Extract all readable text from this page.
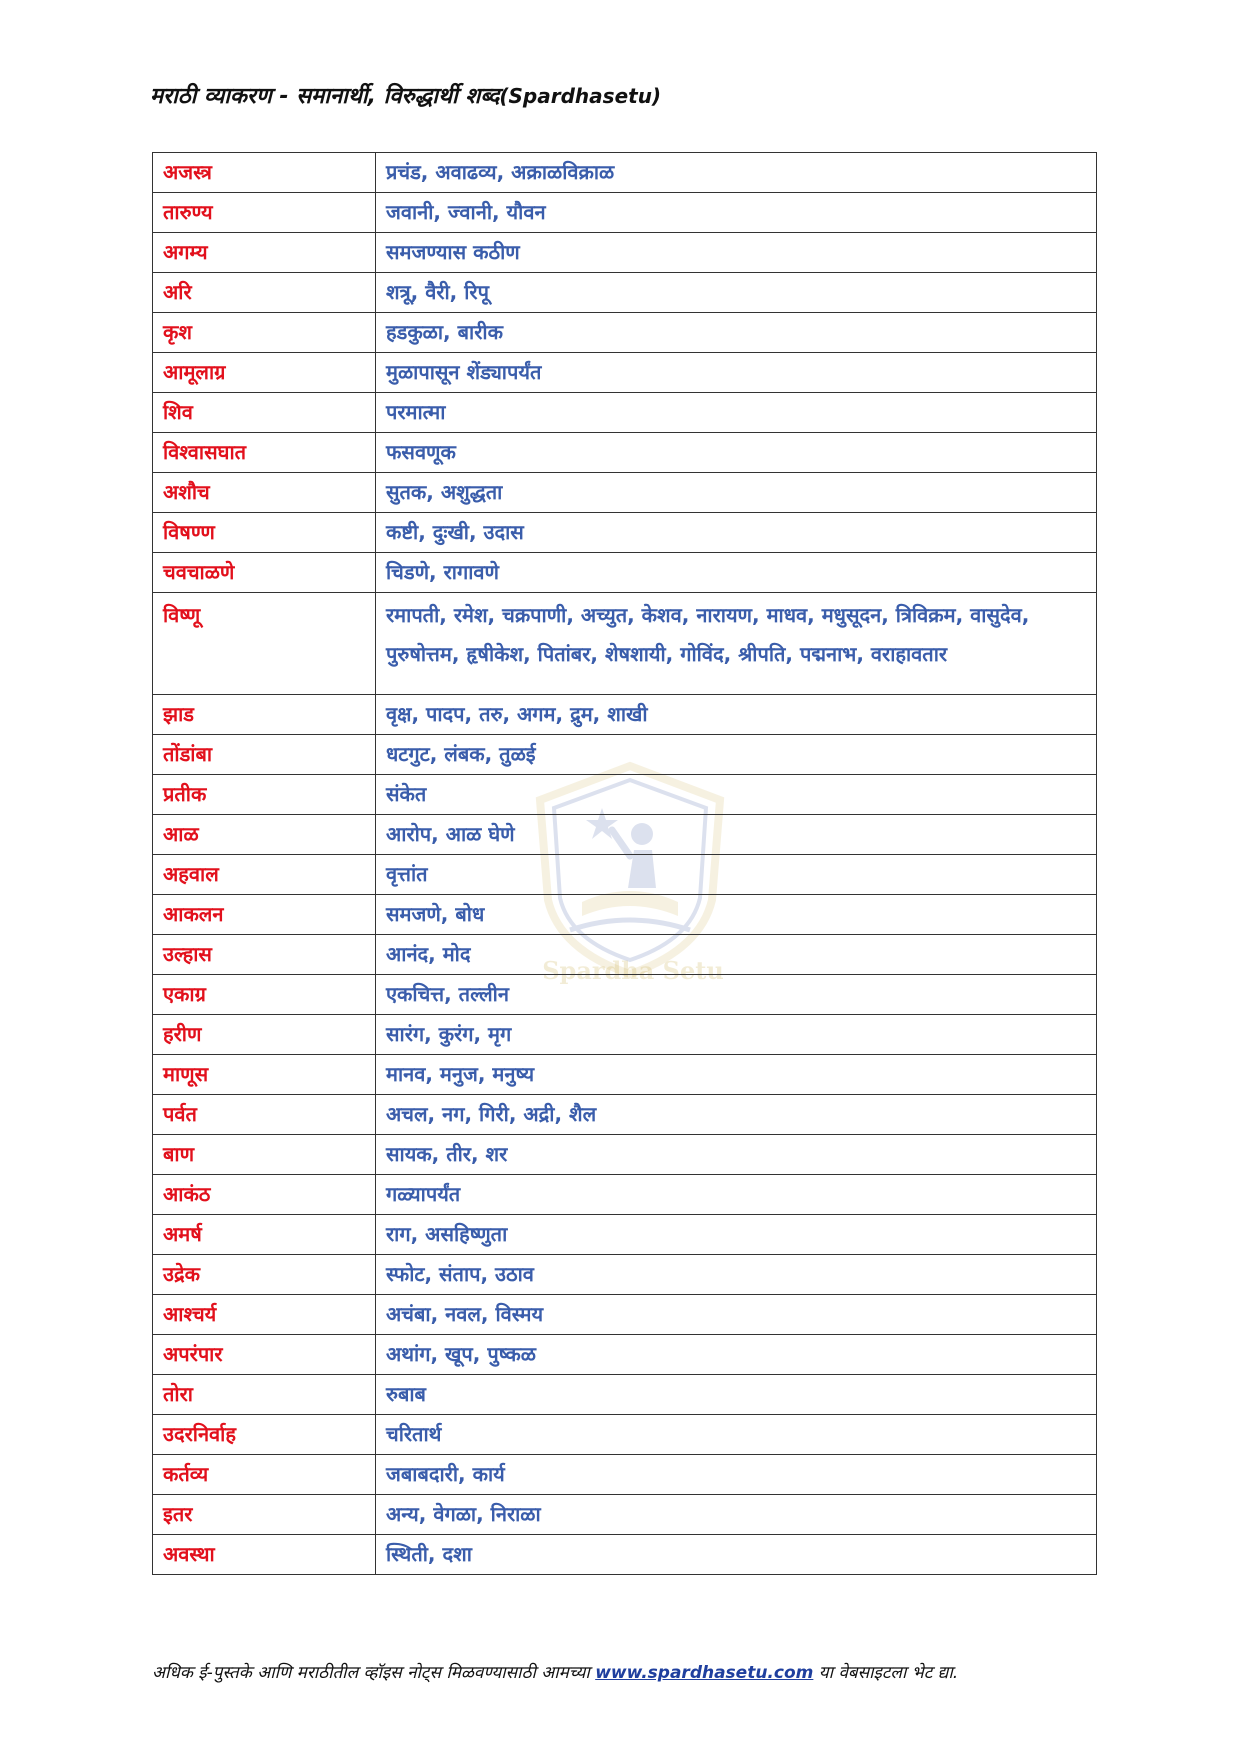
मराठी व्याकरण - समानार्थी, विरुद्धार्थी शब्द(Spardhasetu)
Spardha Setu
अजस्त्र	प्रचंड, अवाढव्य, अक्राळविक्राळ
तारुण्य	जवानी, ज्वानी, यौवन
अगम्य	समजण्यास कठीण
अरि	शत्रू, वैरी, रिपू
कृश	हडकुळा, बारीक
आमूलाग्र	मुळापासून शेंड्यापर्यंत
शिव	परमात्मा
विश्वासघात	फसवणूक
अशौच	सुतक, अशुद्धता
विषण्ण	कष्टी, दुःखी, उदास
चवचाळणे	चिडणे, रागावणे
विष्णू	रमापती, रमेश, चक्रपाणी, अच्युत, केशव, नारायण, माधव, मधुसूदन, त्रिविक्रम, वासुदेव, पुरुषोत्तम, हृषीकेश, पितांबर, शेषशायी, गोविंद, श्रीपति, पद्मनाभ, वराहावतार
झाड	वृक्ष, पादप, तरु, अगम, द्रुम, शाखी
तोंडांबा	धटगुट, लंबक, तुळई
प्रतीक	संकेत
आळ	आरोप, आळ घेणे
अहवाल	वृत्तांत
आकलन	समजणे, बोध
उल्हास	आनंद, मोद
एकाग्र	एकचित्त, तल्लीन
हरीण	सारंग, कुरंग, मृग
माणूस	मानव, मनुज, मनुष्य
पर्वत	अचल, नग, गिरी, अद्री, शैल
बाण	सायक, तीर, शर
आकंठ	गळ्यापर्यंत
अमर्ष	राग, असहिष्णुता
उद्रेक	स्फोट, संताप, उठाव
आश्चर्य	अचंबा, नवल, विस्मय
अपरंपार	अथांग, खूप, पुष्कळ
तोरा	रुबाब
उदरनिर्वाह	चरितार्थ
कर्तव्य	जबाबदारी, कार्य
इतर	अन्य, वेगळा, निराळा
अवस्था	स्थिती, दशा
अधिक ई-पुस्तके आणि मराठीतील व्हॉइस नोट्स मिळवण्यासाठी आमच्या www.spardhasetu.com या वेबसाइटला भेट द्या.
